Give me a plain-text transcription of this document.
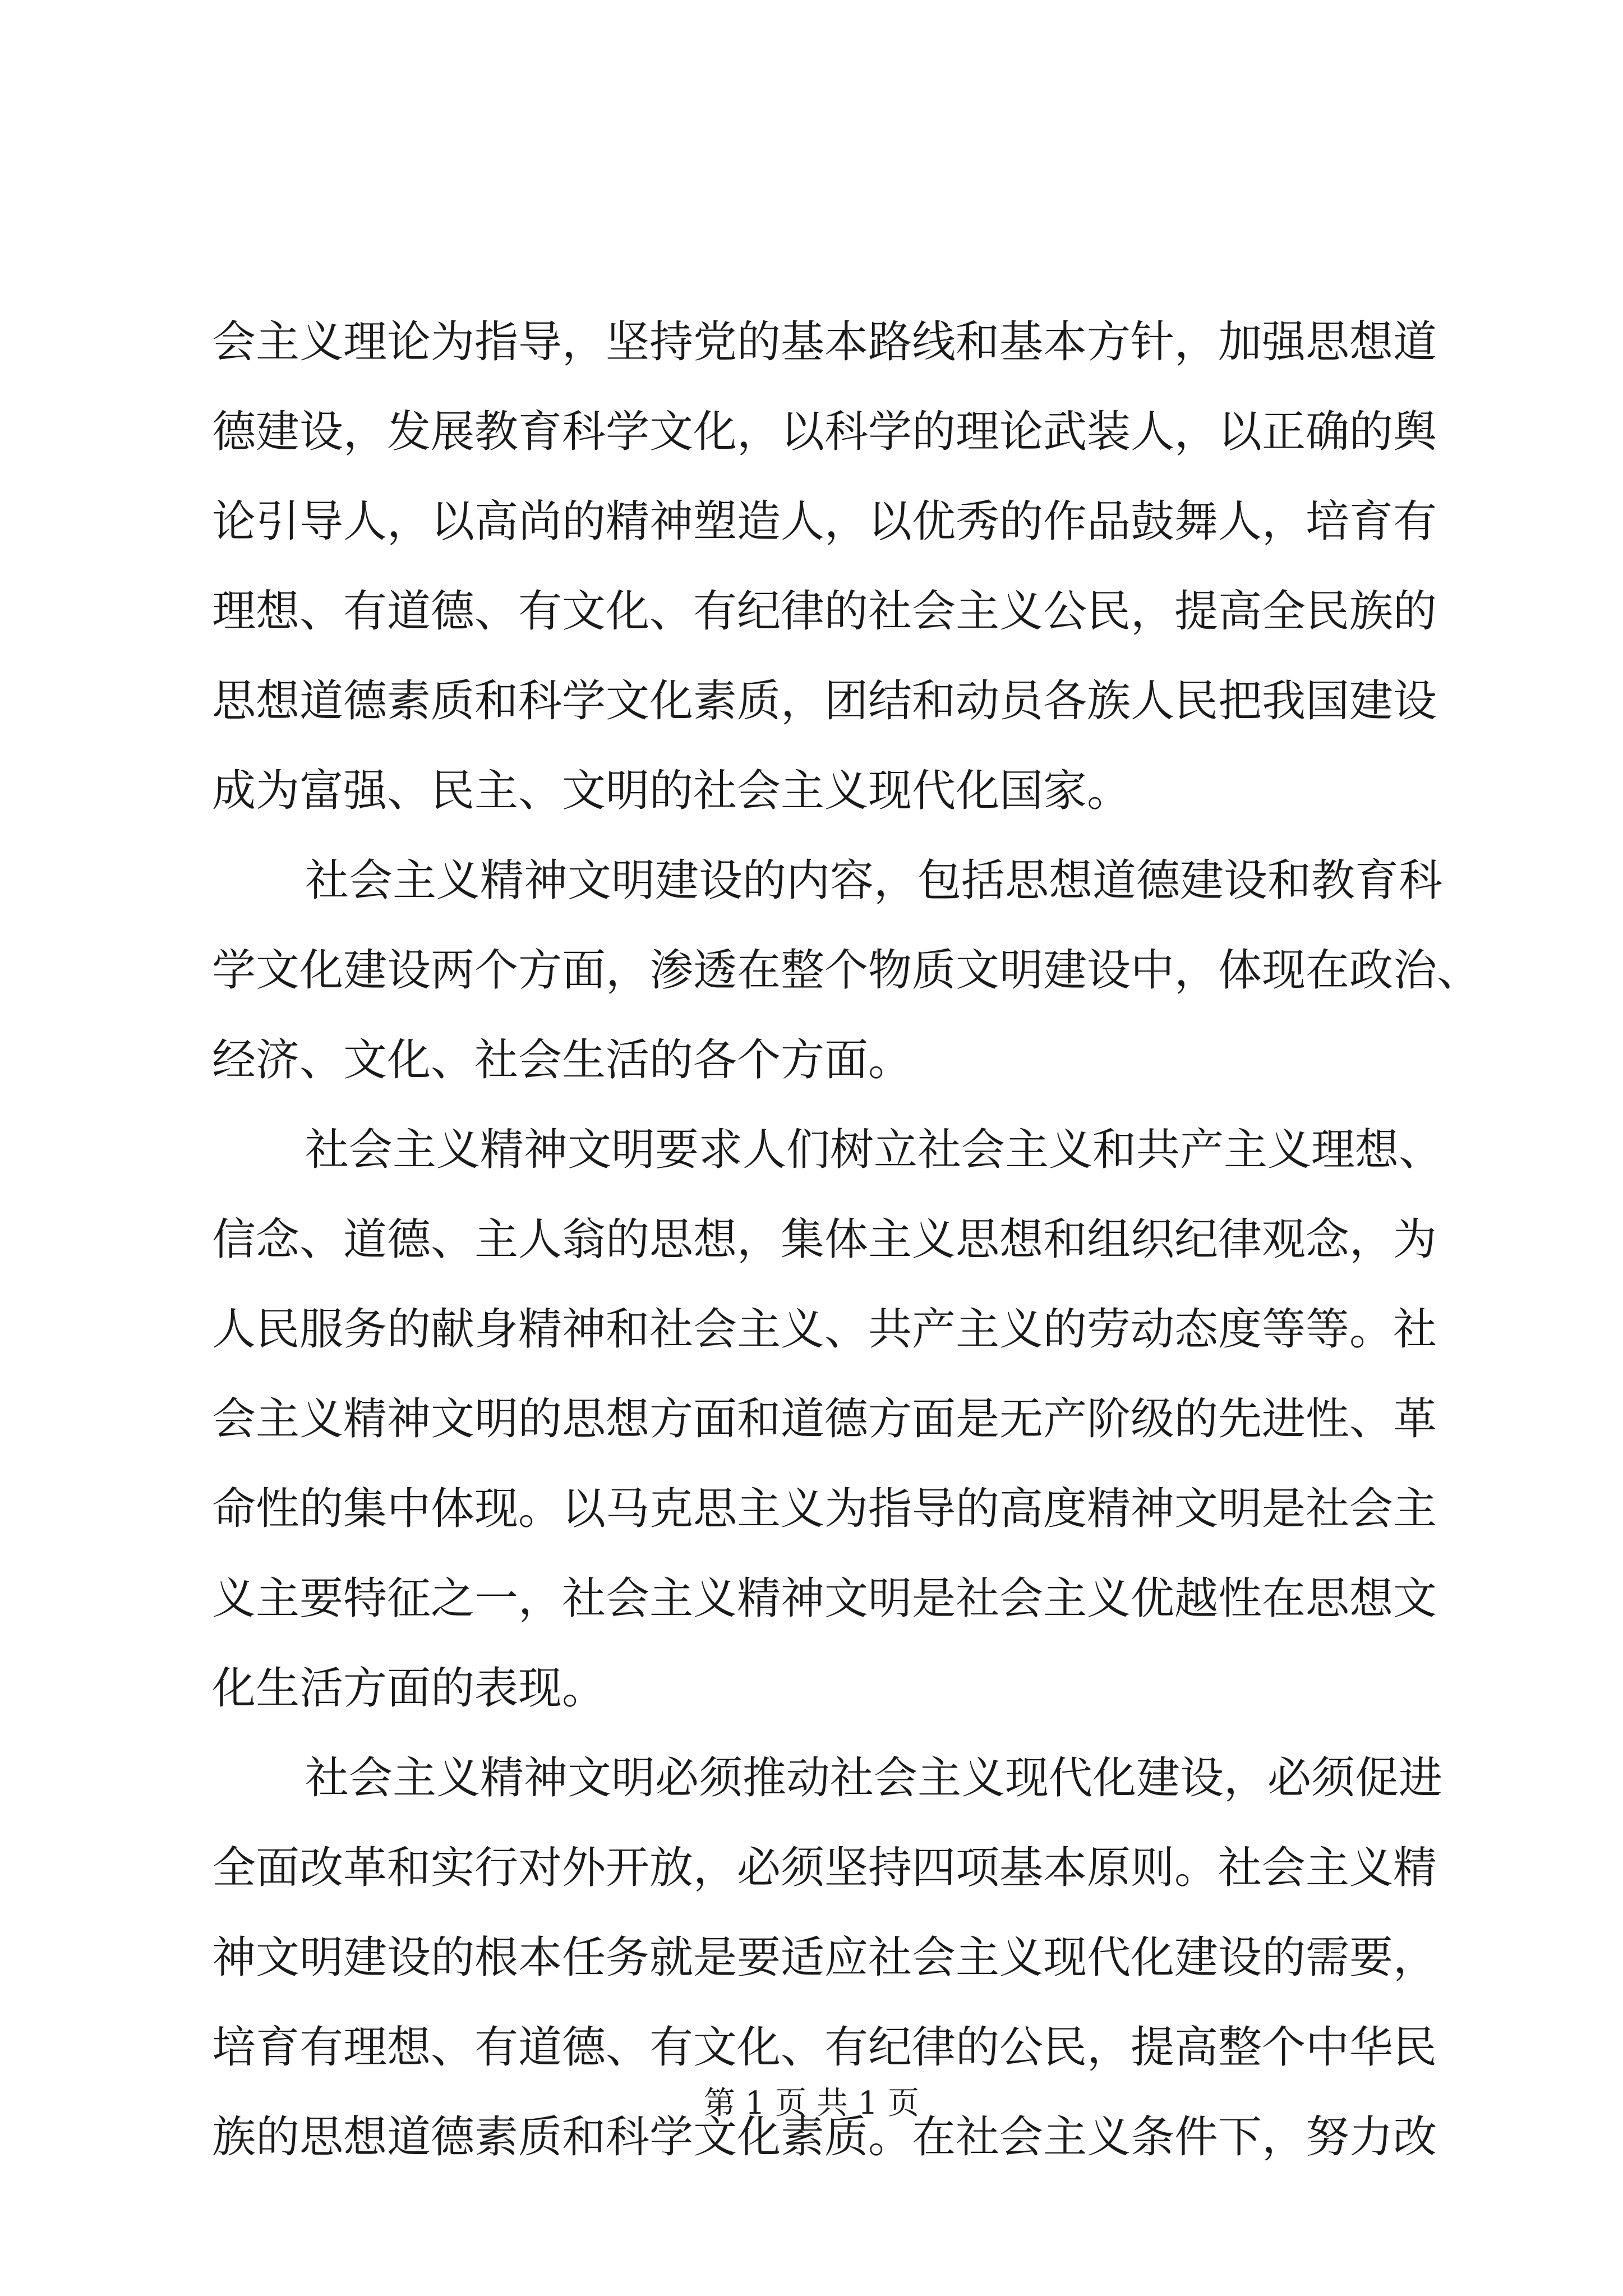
会主义理论为指导，坚持党的基本路线和基本方针，加强思想道
德建设，发展教育科学文化，以科学的理论武装人，以正确的舆
论引导人，以高尚的精神塑造人，以优秀的作品鼓舞人，培育有
理想、有道德、有文化、有纪律的社会主义公民，提高全民族的
思想道德素质和科学文化素质，团结和动员各族人民把我国建设
成为富强、民主、文明的社会主义现代化国家。
社会主义精神文明建设的内容，包括思想道德建设和教育科
学文化建设两个方面，渗透在整个物质文明建设中，体现在政治、
经济、文化、社会生活的各个方面。
社会主义精神文明要求人们树立社会主义和共产主义理想、
信念、道德、主人翁的思想，集体主义思想和组织纪律观念，为
人民服务的献身精神和社会主义、共产主义的劳动态度等等。社
会主义精神文明的思想方面和道德方面是无产阶级的先进性、革
命性的集中体现。以马克思主义为指导的高度精神文明是社会主
义主要特征之一，社会主义精神文明是社会主义优越性在思想文
化生活方面的表现。
社会主义精神文明必须推动社会主义现代化建设，必须促进
全面改革和实行对外开放，必须坚持四项基本原则。社会主义精
神文明建设的根本任务就是要适应社会主义现代化建设的需要，
培育有理想、有道德、有文化、有纪律的公民，提高整个中华民
族的思想道德素质和科学文化素质。在社会主义条件下，努力改
第 1 页 共 1 页
